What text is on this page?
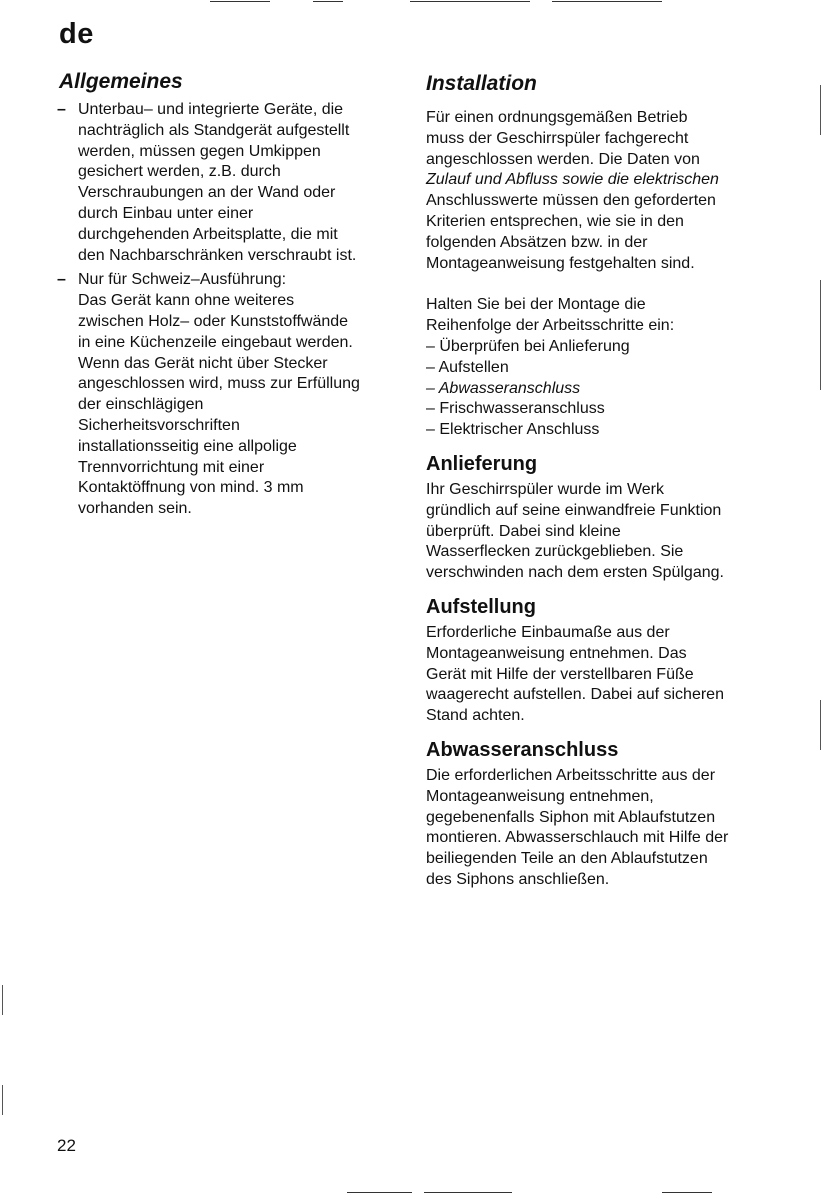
de
Allgemeines
– Unterbau– und integrierte Geräte, die
nachträglich als Standgerät aufgestellt
werden, müssen gegen Umkippen
gesichert werden, z.B. durch
Verschraubungen an der Wand oder
durch Einbau unter einer
durchgehenden Arbeitsplatte, die mit
den Nachbarschränken verschraubt ist.
– Nur für Schweiz–Ausführung:
Das Gerät kann ohne weiteres
zwischen Holz– oder Kunststoffwände
in eine Küchenzeile eingebaut werden.
Wenn das Gerät nicht über Stecker
angeschlossen wird, muss zur Erfüllung
der einschlägigen
Sicherheitsvorschriften
installationsseitig eine allpolige
Trennvorrichtung mit einer
Kontaktöffnung von mind. 3 mm
vorhanden sein.
Installation
Für einen ordnungsgemäßen Betrieb
muss der Geschirrspüler fachgerecht
angeschlossen werden. Die Daten von
Zulauf und Abfluss sowie die elektrischen
Anschlusswerte müssen den geforderten
Kriterien entsprechen, wie sie in den
folgenden Absätzen bzw. in der
Montageanweisung festgehalten sind.
Halten Sie bei der Montage die
Reihenfolge der Arbeitsschritte ein:
– Überprüfen bei Anlieferung
– Aufstellen
– Abwasseranschluss
– Frischwasseranschluss
– Elektrischer Anschluss
Anlieferung
Ihr Geschirrspüler wurde im Werk
gründlich auf seine einwandfreie Funktion
überprüft. Dabei sind kleine
Wasserflecken zurückgeblieben. Sie
verschwinden nach dem ersten Spülgang.
Aufstellung
Erforderliche Einbaumaße aus der
Montageanweisung entnehmen. Das
Gerät mit Hilfe der verstellbaren Füße
waagerecht aufstellen. Dabei auf sicheren
Stand achten.
Abwasseranschluss
Die erforderlichen Arbeitsschritte aus der
Montageanweisung entnehmen,
gegebenenfalls Siphon mit Ablaufstutzen
montieren. Abwasserschlauch mit Hilfe der
beiliegenden Teile an den Ablaufstutzen
des Siphons anschließen.
22
